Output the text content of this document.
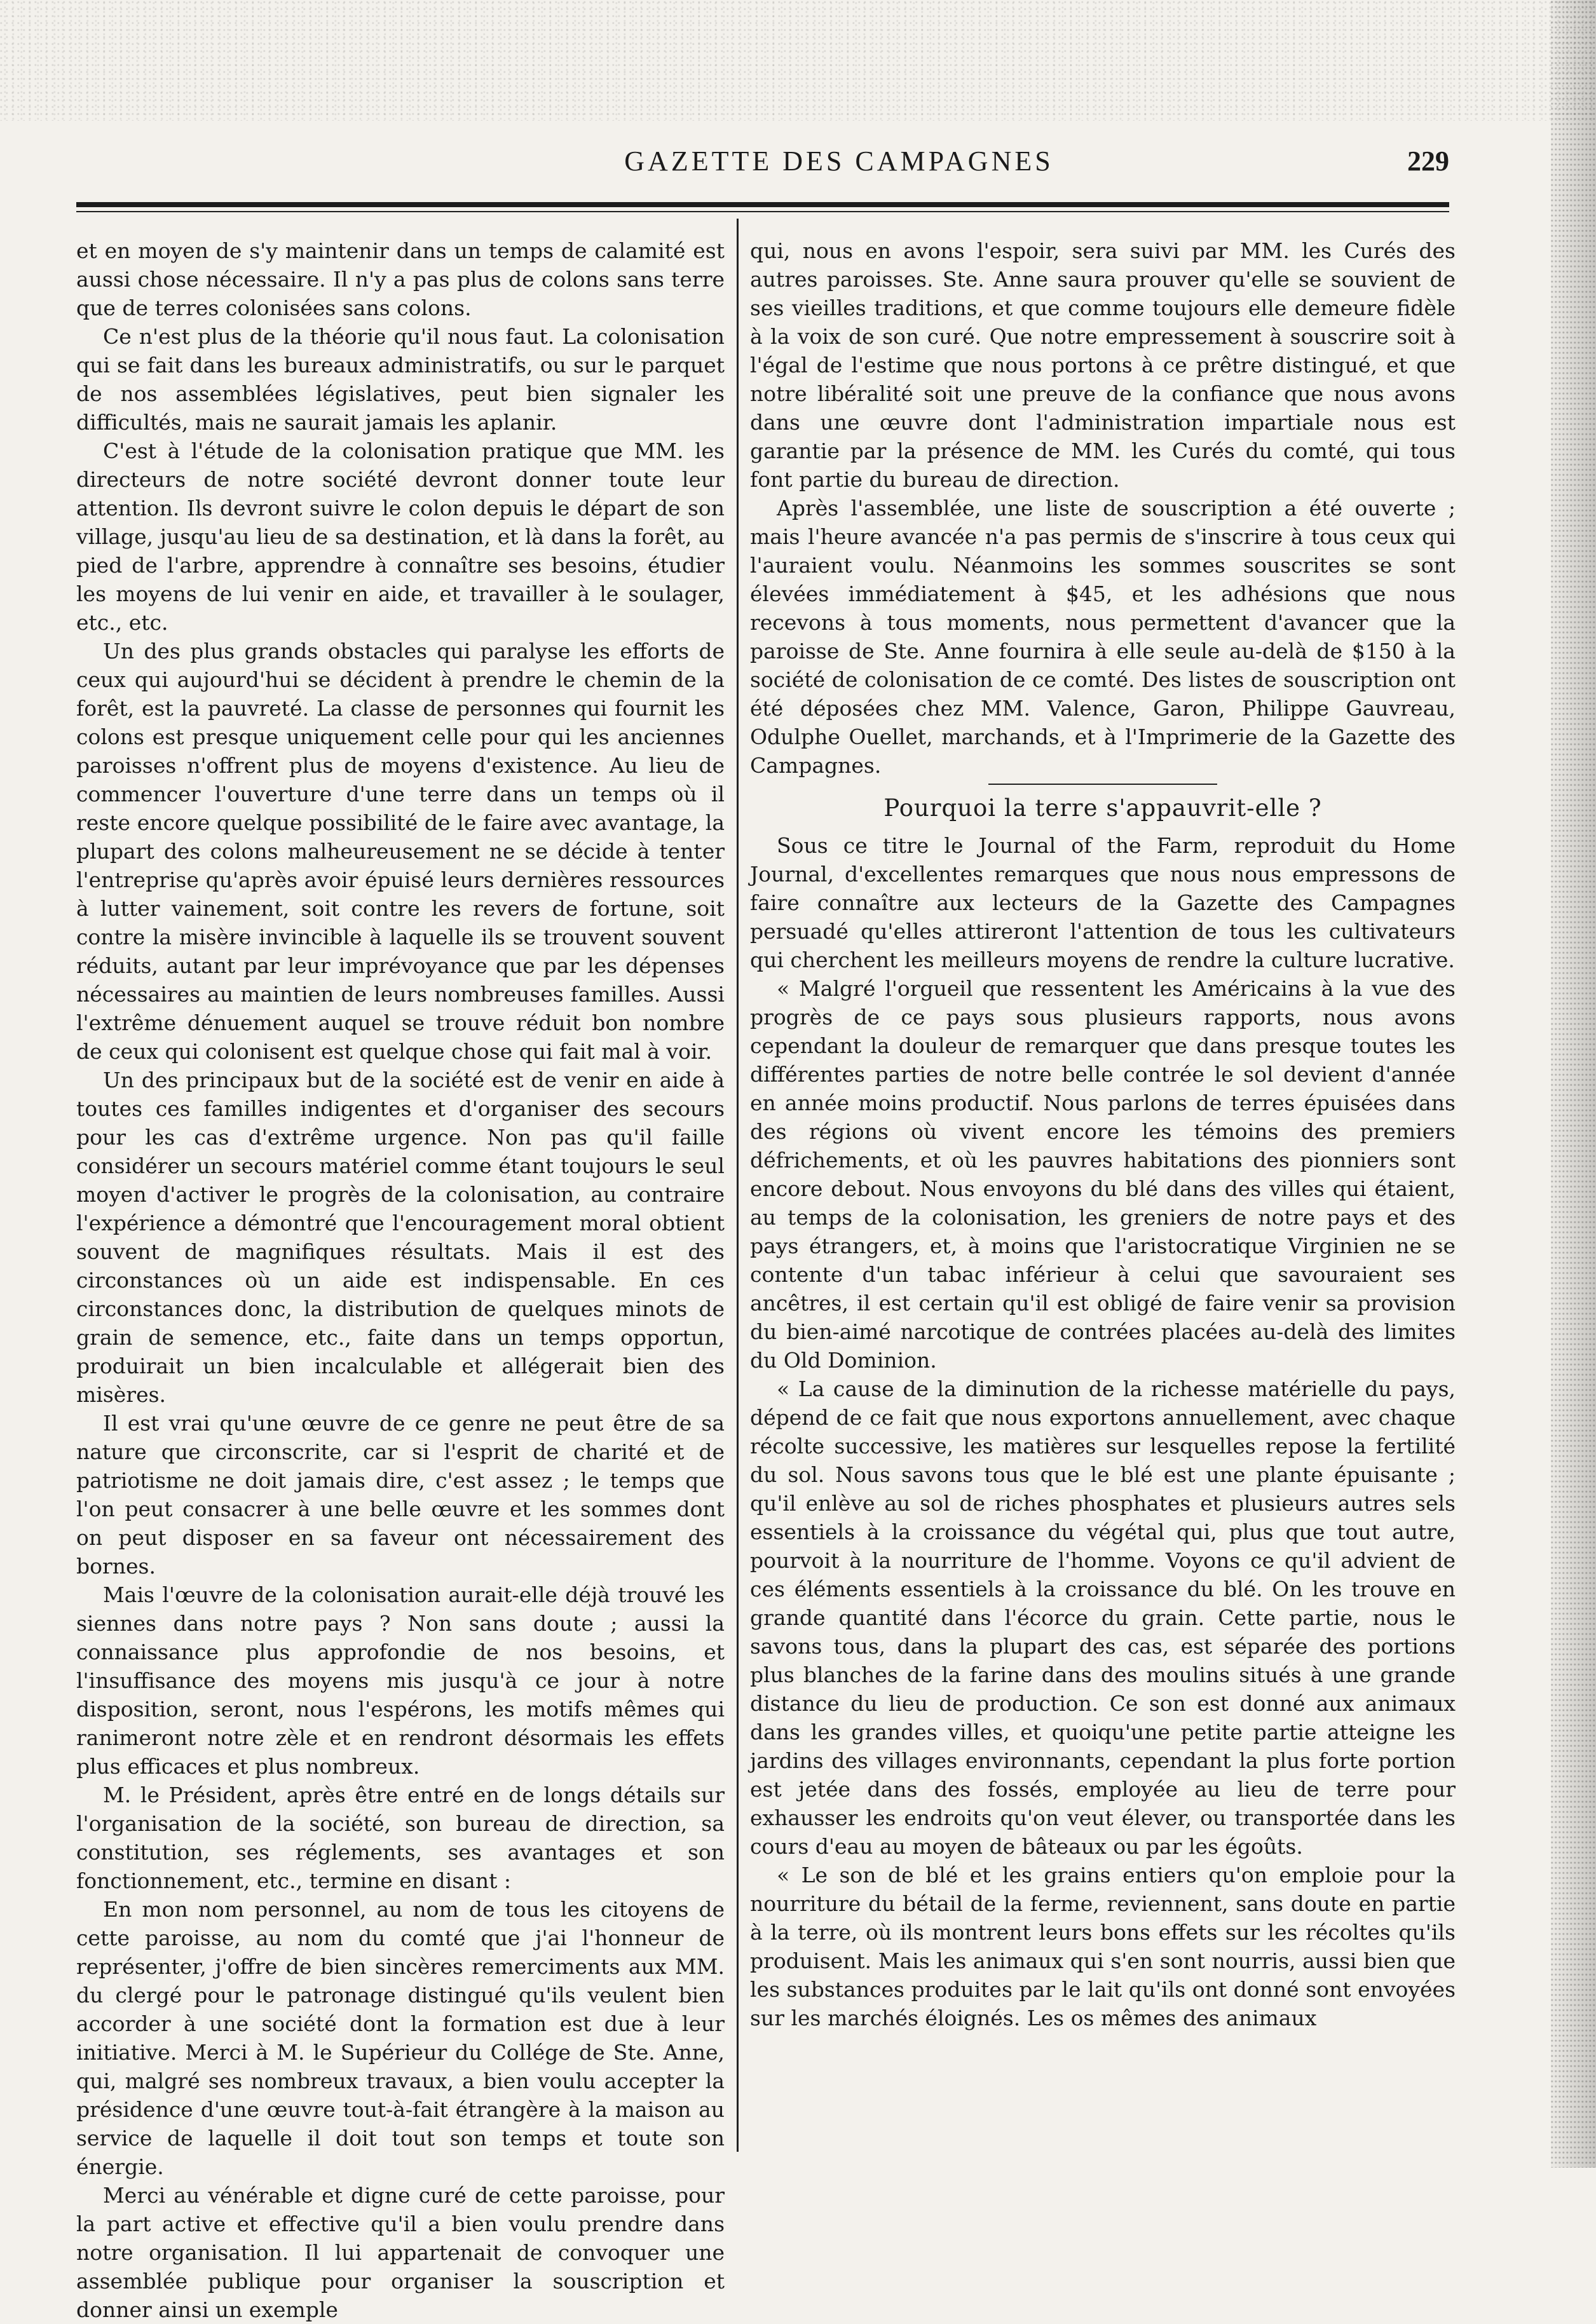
GAZETTE DES CAMPAGNES	229

et en moyen de s'y maintenir dans un temps de calamité est aussi chose nécessaire. Il n'y a pas plus de colons sans terre que de terres colonisées sans colons.

Ce n'est plus de la théorie qu'il nous faut. La colonisation qui se fait dans les bureaux administratifs, ou sur le parquet de nos assemblées législatives, peut bien signaler les difficultés, mais ne saurait jamais les aplanir.

C'est à l'étude de la colonisation pratique que MM. les directeurs de notre société devront donner toute leur attention. Ils devront suivre le colon depuis le départ de son village, jusqu'au lieu de sa destination, et là dans la forêt, au pied de l'arbre, apprendre à connaître ses besoins, étudier les moyens de lui venir en aide, et travailler à le soulager, etc., etc.

Un des plus grands obstacles qui paralyse les efforts de ceux qui aujourd'hui se décident à prendre le chemin de la forêt, est la pauvreté. La classe de personnes qui fournit les colons est presque uniquement celle pour qui les anciennes paroisses n'offrent plus de moyens d'existence. Au lieu de commencer l'ouverture d'une terre dans un temps où il reste encore quelque possibilité de le faire avec avantage, la plupart des colons malheureusement ne se décide à tenter l'entreprise qu'après avoir épuisé leurs dernières ressources à lutter vainement, soit contre les revers de fortune, soit contre la misère invincible à laquelle ils se trouvent souvent réduits, autant par leur imprévoyance que par les dépenses nécessaires au maintien de leurs nombreuses familles. Aussi l'extrême dénuement auquel se trouve réduit bon nombre de ceux qui colonisent est quelque chose qui fait mal à voir.

Un des principaux but de la société est de venir en aide à toutes ces familles indigentes et d'organiser des secours pour les cas d'extrême urgence. Non pas qu'il faille considérer un secours matériel comme étant toujours le seul moyen d'activer le progrès de la colonisation, au contraire l'expérience a démontré que l'encouragement moral obtient souvent de magnifiques résultats. Mais il est des circonstances où un aide est indispensable. En ces circonstances donc, la distribution de quelques minots de grain de semence, etc., faite dans un temps opportun, produirait un bien incalculable et allégerait bien des misères.

Il est vrai qu'une œuvre de ce genre ne peut être de sa nature que circonscrite, car si l'esprit de charité et de patriotisme ne doit jamais dire, c'est assez ; le temps que l'on peut consacrer à une belle œuvre et les sommes dont on peut disposer en sa faveur ont nécessairement des bornes.

Mais l'œuvre de la colonisation aurait-elle déjà trouvé les siennes dans notre pays ? Non sans doute ; aussi la connaissance plus approfondie de nos besoins, et l'insuffisance des moyens mis jusqu'à ce jour à notre disposition, seront, nous l'espérons, les motifs mêmes qui ranimeront notre zèle et en rendront désormais les effets plus efficaces et plus nombreux.

M. le Président, après être entré en de longs détails sur l'organisation de la société, son bureau de direction, sa constitution, ses réglements, ses avantages et son fonctionnement, etc., termine en disant :

En mon nom personnel, au nom de tous les citoyens de cette paroisse, au nom du comté que j'ai l'honneur de représenter, j'offre de bien sincères remerciments aux MM. du clergé pour le patronage distingué qu'ils veulent bien accorder à une société dont la formation est due à leur initiative. Merci à M. le Supérieur du Collége de Ste. Anne, qui, malgré ses nombreux travaux, a bien voulu accepter la présidence d'une œuvre tout-à-fait étrangère à la maison au service de laquelle il doit tout son temps et toute son énergie.

Merci au vénérable et digne curé de cette paroisse, pour la part active et effective qu'il a bien voulu prendre dans notre organisation. Il lui appartenait de convoquer une assemblée publique pour organiser la souscription et donner ainsi un exemple

qui, nous en avons l'espoir, sera suivi par MM. les Curés des autres paroisses. Ste. Anne saura prouver qu'elle se souvient de ses vieilles traditions, et que comme toujours elle demeure fidèle à la voix de son curé. Que notre empressement à souscrire soit à l'égal de l'estime que nous portons à ce prêtre distingué, et que notre libéralité soit une preuve de la confiance que nous avons dans une œuvre dont l'administration impartiale nous est garantie par la présence de MM. les Curés du comté, qui tous font partie du bureau de direction.

Après l'assemblée, une liste de souscription a été ouverte ; mais l'heure avancée n'a pas permis de s'inscrire à tous ceux qui l'auraient voulu. Néanmoins les sommes souscrites se sont élevées immédiatement à $45, et les adhésions que nous recevons à tous moments, nous permettent d'avancer que la paroisse de Ste. Anne fournira à elle seule au-delà de $150 à la société de colonisation de ce comté. Des listes de souscription ont été déposées chez MM. Valence, Garon, Philippe Gauvreau, Odulphe Ouellet, marchands, et à l'Imprimerie de la Gazette des Campagnes.

Pourquoi la terre s'appauvrit-elle ?

Sous ce titre le Journal of the Farm, reproduit du Home Journal, d'excellentes remarques que nous nous empressons de faire connaître aux lecteurs de la Gazette des Campagnes persuadé qu'elles attireront l'attention de tous les cultivateurs qui cherchent les meilleurs moyens de rendre la culture lucrative.

« Malgré l'orgueil que ressentent les Américains à la vue des progrès de ce pays sous plusieurs rapports, nous avons cependant la douleur de remarquer que dans presque toutes les différentes parties de notre belle contrée le sol devient d'année en année moins productif. Nous parlons de terres épuisées dans des régions où vivent encore les témoins des premiers défrichements, et où les pauvres habitations des pionniers sont encore debout. Nous envoyons du blé dans des villes qui étaient, au temps de la colonisation, les greniers de notre pays et des pays étrangers, et, à moins que l'aristocratique Virginien ne se contente d'un tabac inférieur à celui que savouraient ses ancêtres, il est certain qu'il est obligé de faire venir sa provision du bien-aimé narcotique de contrées placées au-delà des limites du Old Dominion.

« La cause de la diminution de la richesse matérielle du pays, dépend de ce fait que nous exportons annuellement, avec chaque récolte successive, les matières sur lesquelles repose la fertilité du sol. Nous savons tous que le blé est une plante épuisante ; qu'il enlève au sol de riches phosphates et plusieurs autres sels essentiels à la croissance du végétal qui, plus que tout autre, pourvoit à la nourriture de l'homme. Voyons ce qu'il advient de ces éléments essentiels à la croissance du blé. On les trouve en grande quantité dans l'écorce du grain. Cette partie, nous le savons tous, dans la plupart des cas, est séparée des portions plus blanches de la farine dans des moulins situés à une grande distance du lieu de production. Ce son est donné aux animaux dans les grandes villes, et quoiqu'une petite partie atteigne les jardins des villages environnants, cependant la plus forte portion est jetée dans des fossés, employée au lieu de terre pour exhausser les endroits qu'on veut élever, ou transportée dans les cours d'eau au moyen de bâteaux ou par les égoûts.

« Le son de blé et les grains entiers qu'on emploie pour la nourriture du bétail de la ferme, reviennent, sans doute en partie à la terre, où ils montrent leurs bons effets sur les récoltes qu'ils produisent. Mais les animaux qui s'en sont nourris, aussi bien que les substances produites par le lait qu'ils ont donné sont envoyées sur les marchés éloignés. Les os mêmes des animaux
